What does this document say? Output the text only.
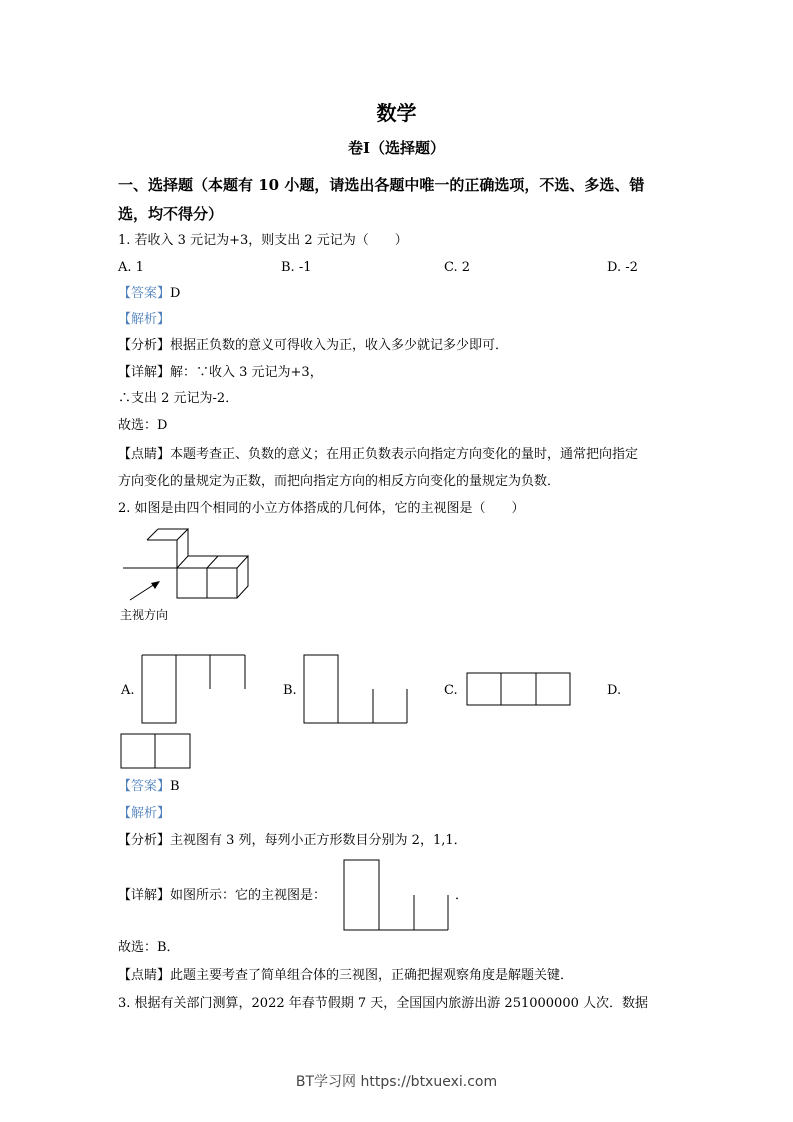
数学
卷Ⅰ（选择题）
一、选择题（本题有 10 小题，请选出各题中唯一的正确选项，不选、多选、错
选，均不得分）
1. 若收入 3 元记为+3，则支出 2 元记为（　　）
A. 1	B. -1	C. 2	D. -2
【答案】D
【解析】
【分析】根据正负数的意义可得收入为正，收入多少就记多少即可．
【详解】解：∵收入 3 元记为+3，
∴支出 2 元记为-2．
故选：D
【点睛】本题考查正、负数的意义；在用正负数表示向指定方向变化的量时，通常把向指定
方向变化的量规定为正数，而把向指定方向的相反方向变化的量规定为负数．
2. 如图是由四个相同的小立方体搭成的几何体，它的主视图是（　　）
主视方向
A.	B.	C.	D.
【答案】B
【解析】
【分析】主视图有 3 列，每列小正方形数目分别为 2，1,1．
【详解】如图所示：它的主视图是：	．
故选：B．
【点睛】此题主要考查了简单组合体的三视图，正确把握观察角度是解题关键．
3. 根据有关部门测算，2022 年春节假期 7 天，全国国内旅游出游 251000000 人次．数据
BT学习网 https://btxuexi.com
